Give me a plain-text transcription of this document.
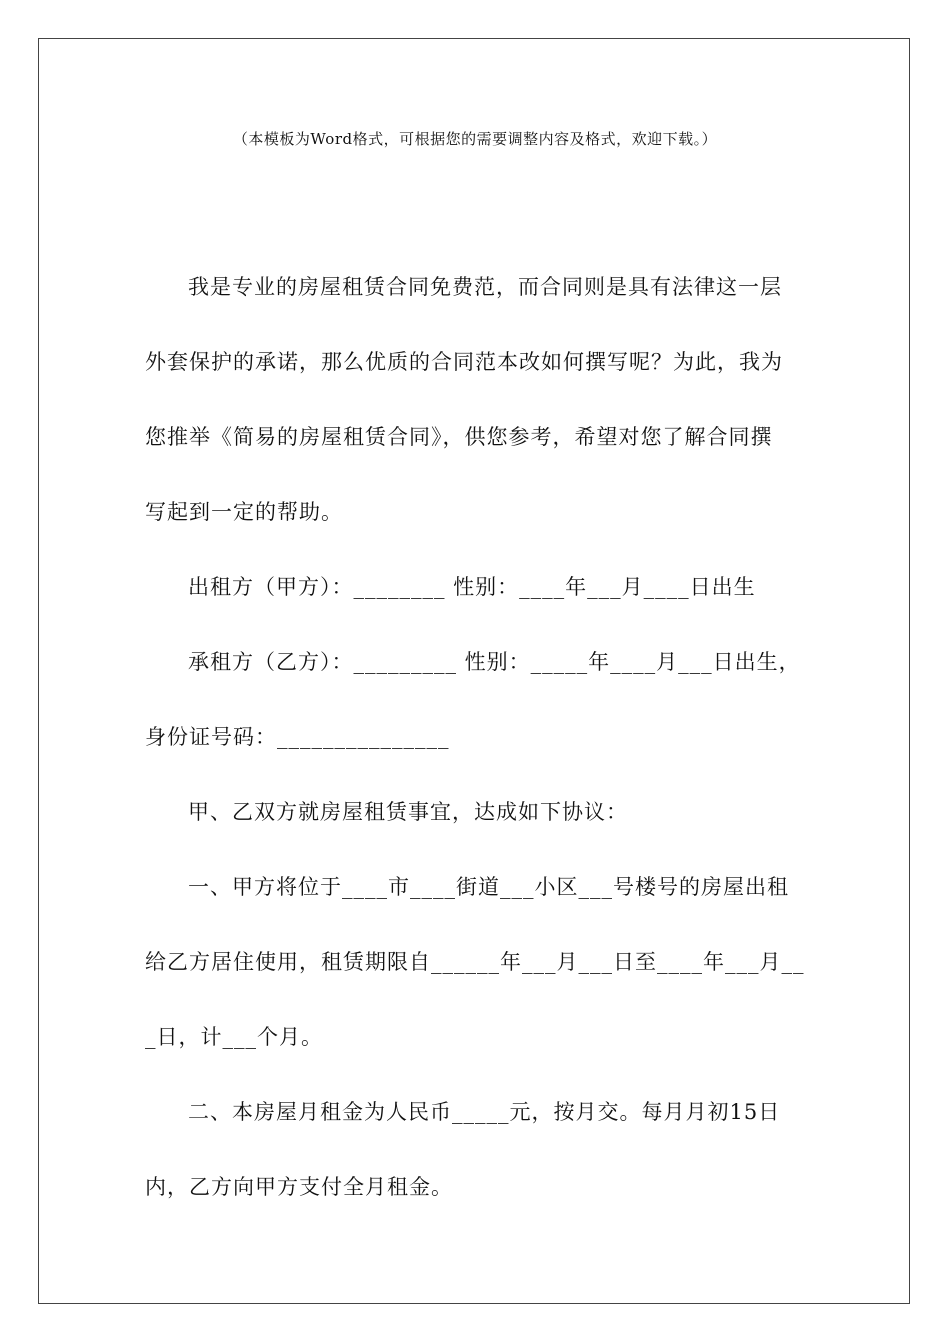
（本模板为Word格式，可根据您的需要调整内容及格式，欢迎下载。）
我是专业的房屋租赁合同免费范，而合同则是具有法律这一层
外套保护的承诺，那么优质的合同范本改如何撰写呢？为此，我为
您推举《简易的房屋租赁合同》，供您参考，希望对您了解合同撰
写起到一定的帮助。
出租方（甲方）：________ 性别：____年___月____日出生
承租方（乙方）：_________ 性别：_____年____月___日出生，
身份证号码：_______________
甲、乙双方就房屋租赁事宜，达成如下协议：
一、甲方将位于____市____街道___小区___号楼号的房屋出租
给乙方居住使用，租赁期限自______年___月___日至____年___月__
_日，计___个月。
二、本房屋月租金为人民币_____元，按月交。每月月初15日
内，乙方向甲方支付全月租金。
